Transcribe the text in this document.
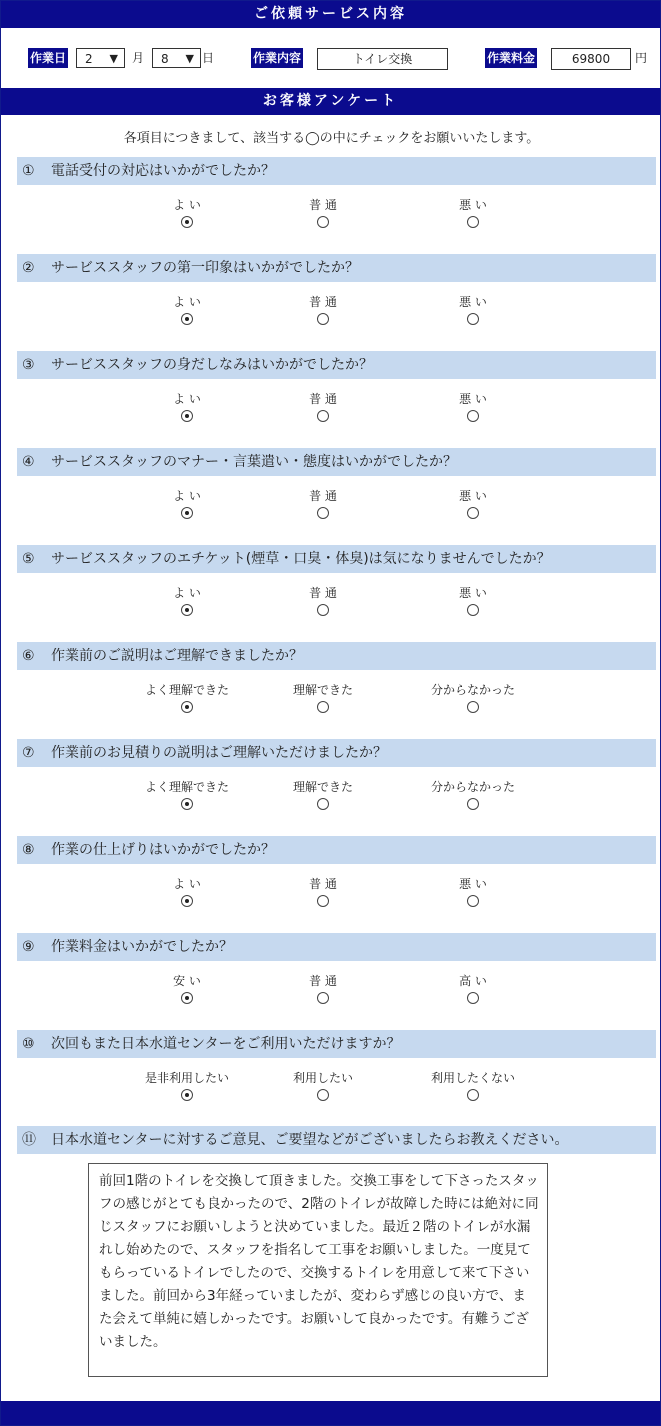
ご依頼サービス内容
作業日 2 ▼ 月 8 ▼ 日	作業内容	トイレ交換	作業料金	69800	円
お客様アンケート
各項目につきまして、該当する◯の中にチェックをお願いいたします。
① 電話受付の対応はいかがでしたか？
よ い	普 通	悪 い
② サービススタッフの第一印象はいかがでしたか？
よ い	普 通	悪 い
③ サービススタッフの身だしなみはいかがでしたか？
よ い	普 通	悪 い
④ サービススタッフのマナー・言葉遣い・態度はいかがでしたか？
よ い	普 通	悪 い
⑤ サービススタッフのエチケット(煙草・口臭・体臭)は気になりませんでしたか？
よ い	普 通	悪 い
⑥ 作業前のご説明はご理解できましたか？
よく理解できた	理解できた	分からなかった
⑦ 作業前のお見積りの説明はご理解いただけましたか？
よく理解できた	理解できた	分からなかった
⑧ 作業の仕上げりはいかがでしたか？
よ い	普 通	悪 い
⑨ 作業料金はいかがでしたか？
安 い	普 通	高 い
⑩ 次回もまた日本水道センターをご利用いただけますか？
是非利用したい	利用したい	利用したくない
⑪ 日本水道センターに対するご意見、ご要望などがございましたらお教えください。
前回1階のトイレを交換して頂きました。交換工事をして下さったスタッフの感じがとても良かったので、2階のトイレが故障した時には絶対に同じスタッフにお願いしようと決めていました。最近２階のトイレが水漏れし始めたので、スタッフを指名して工事をお願いしました。一度見てもらっているトイレでしたので、交換するトイレを用意して来て下さいました。前回から3年経っていましたが、変わらず感じの良い方で、また会えて単純に嬉しかったです。お願いして良かったです。有難うございました。
